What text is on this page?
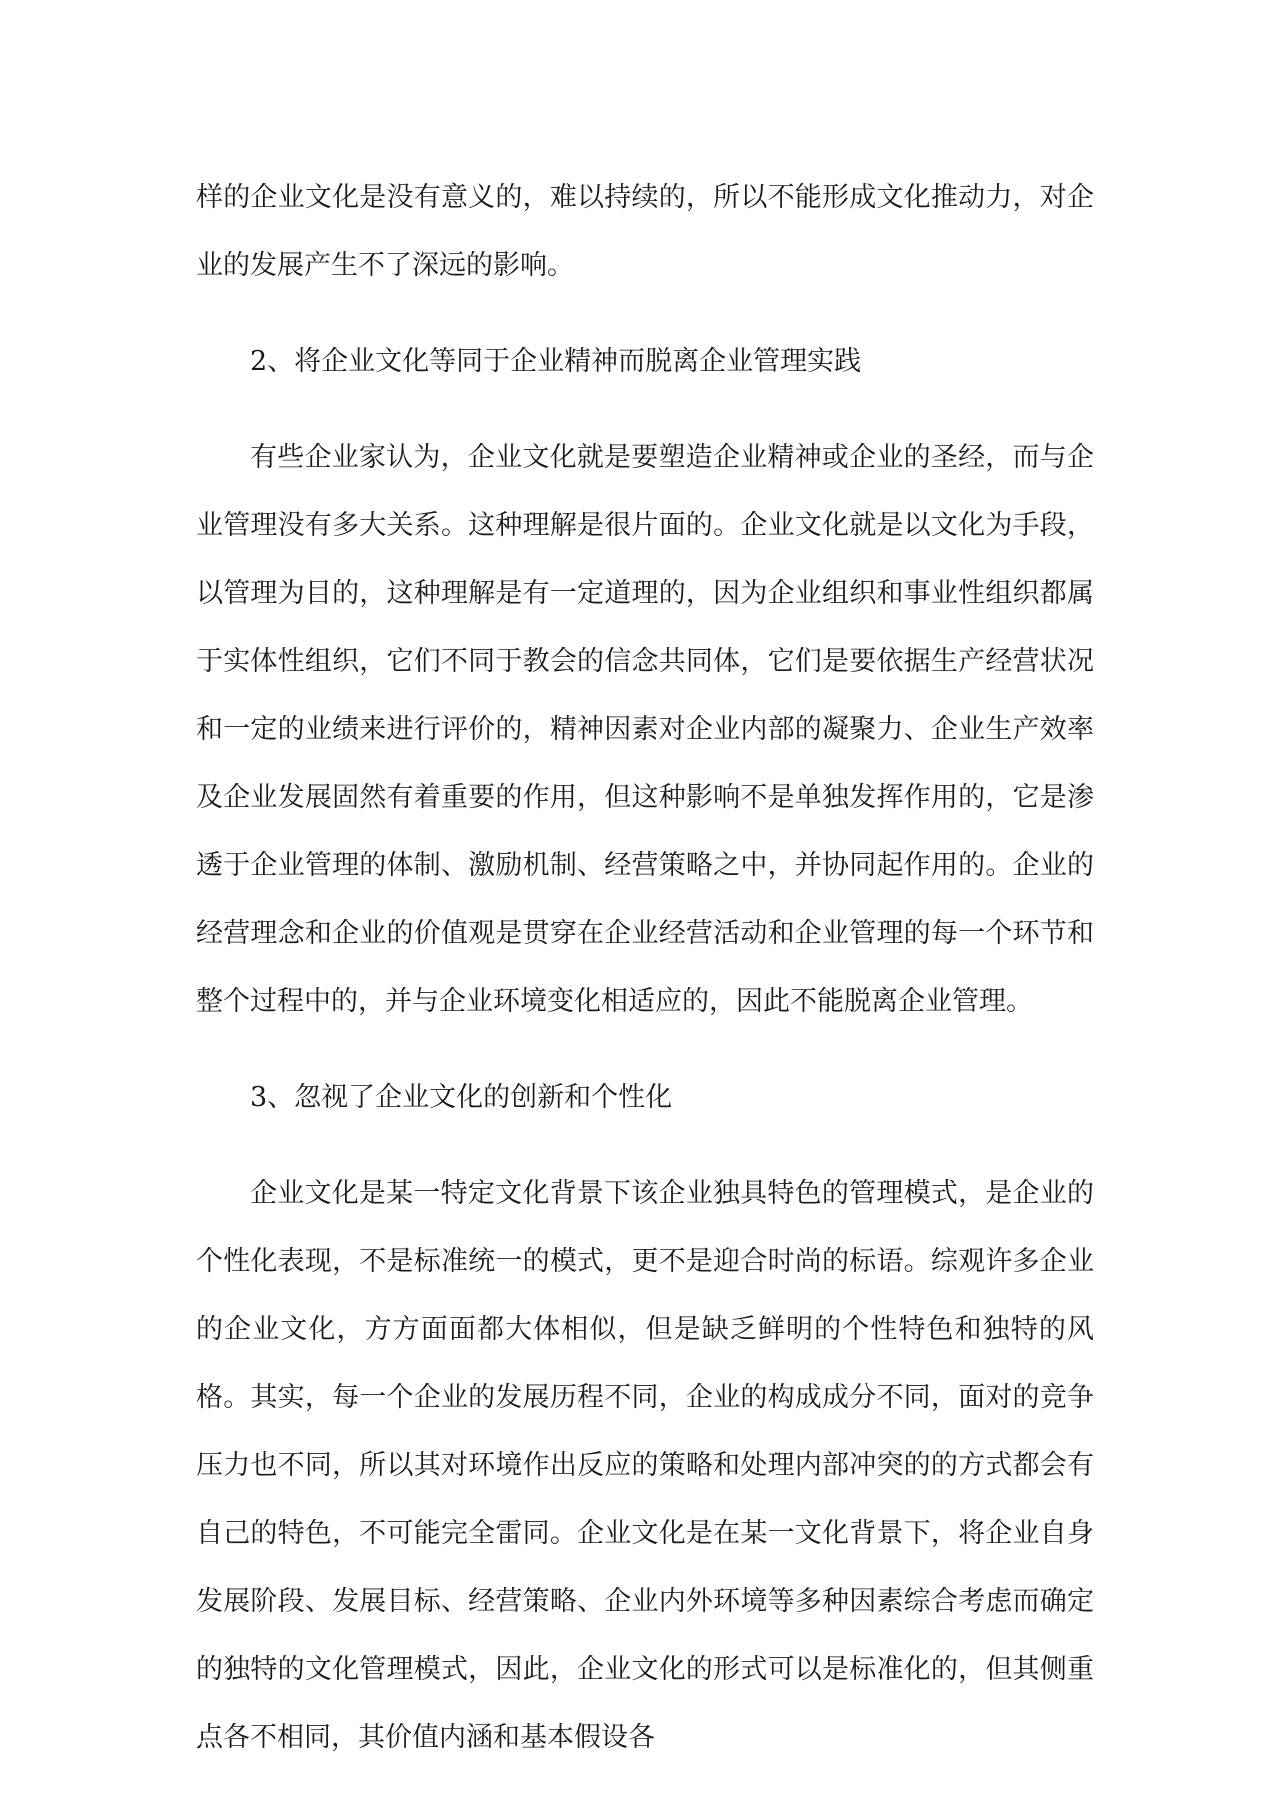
样的企业文化是没有意义的，难以持续的，所以不能形成文化推动力，对企业的发展产生不了深远的影响。

2、将企业文化等同于企业精神而脱离企业管理实践

有些企业家认为，企业文化就是要塑造企业精神或企业的圣经，而与企业管理没有多大关系。这种理解是很片面的。企业文化就是以文化为手段，以管理为目的，这种理解是有一定道理的，因为企业组织和事业性组织都属于实体性组织，它们不同于教会的信念共同体，它们是要依据生产经营状况和一定的业绩来进行评价的，精神因素对企业内部的凝聚力、企业生产效率及企业发展固然有着重要的作用，但这种影响不是单独发挥作用的，它是渗透于企业管理的体制、激励机制、经营策略之中，并协同起作用的。企业的经营理念和企业的价值观是贯穿在企业经营活动和企业管理的每一个环节和整个过程中的，并与企业环境变化相适应的，因此不能脱离企业管理。

3、忽视了企业文化的创新和个性化

企业文化是某一特定文化背景下该企业独具特色的管理模式，是企业的个性化表现，不是标准统一的模式，更不是迎合时尚的标语。综观许多企业的企业文化，方方面面都大体相似，但是缺乏鲜明的个性特色和独特的风格。其实，每一个企业的发展历程不同，企业的构成成分不同，面对的竞争压力也不同，所以其对环境作出反应的策略和处理内部冲突的的方式都会有自己的特色，不可能完全雷同。企业文化是在某一文化背景下，将企业自身发展阶段、发展目标、经营策略、企业内外环境等多种因素综合考虑而确定的独特的文化管理模式，因此，企业文化的形式可以是标准化的，但其侧重点各不相同，其价值内涵和基本假设各
